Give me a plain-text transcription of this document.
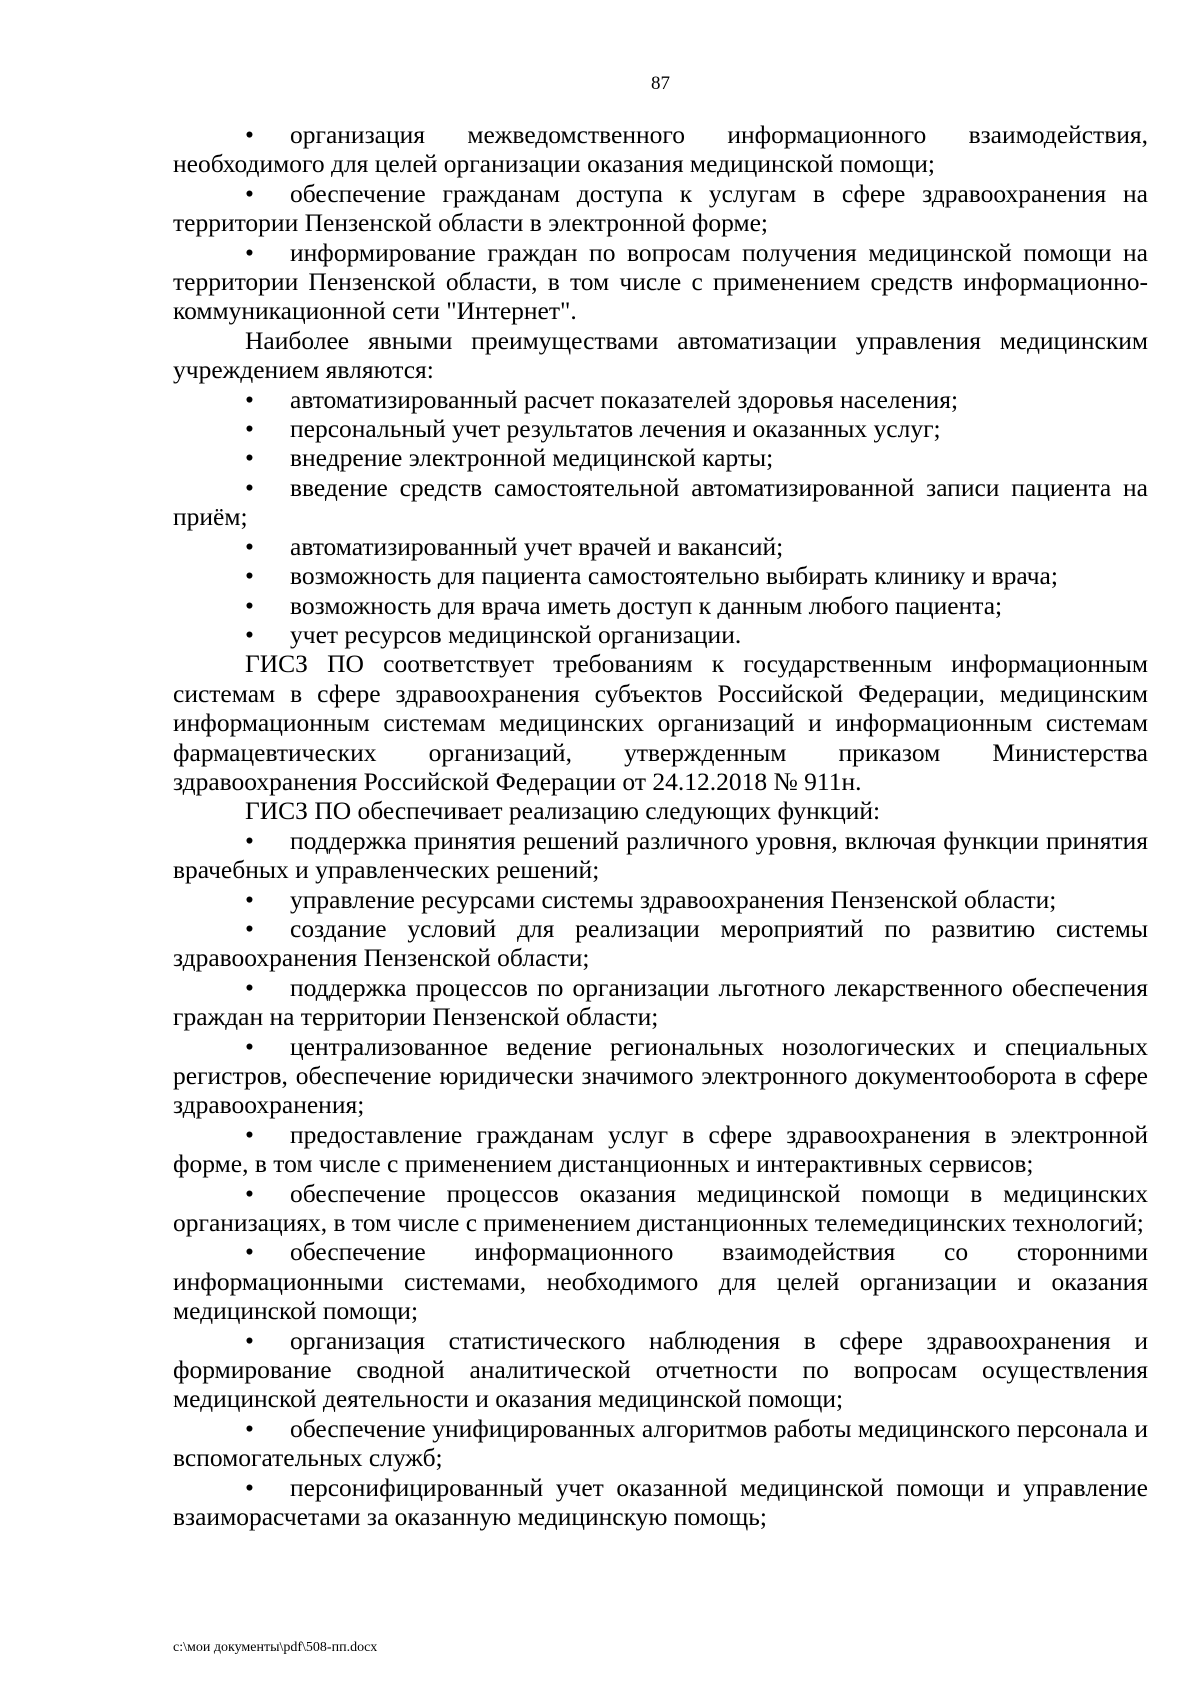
87

• организация межведомственного информационного взаимодействия, необходимого для целей организации оказания медицинской помощи;

• обеспечение гражданам доступа к услугам в сфере здравоохранения на территории Пензенской области в электронной форме;

• информирование граждан по вопросам получения медицинской помощи на территории Пензенской области, в том числе с применением средств информационно-коммуникационной сети "Интернет".

Наиболее явными преимуществами автоматизации управления медицинским учреждением являются:

• автоматизированный расчет показателей здоровья населения;

• персональный учет результатов лечения и оказанных услуг;

• внедрение электронной медицинской карты;

• введение средств самостоятельной автоматизированной записи пациента на приём;

• автоматизированный учет врачей и вакансий;

• возможность для пациента самостоятельно выбирать клинику и врача;

• возможность для врача иметь доступ к данным любого пациента;

• учет ресурсов медицинской организации.

ГИСЗ ПО соответствует требованиям к государственным информационным системам в сфере здравоохранения субъектов Российской Федерации, медицинским информационным системам медицинских организаций и информационным системам фармацевтических организаций, утвержденным приказом Министерства здравоохранения Российской Федерации от 24.12.2018 № 911н.

ГИСЗ ПО обеспечивает реализацию следующих функций:

• поддержка принятия решений различного уровня, включая функции принятия врачебных и управленческих решений;

• управление ресурсами системы здравоохранения Пензенской области;

• создание условий для реализации мероприятий по развитию системы здравоохранения Пензенской области;

• поддержка процессов по организации льготного лекарственного обеспечения граждан на территории Пензенской области;

• централизованное ведение региональных нозологических и специальных регистров, обеспечение юридически значимого электронного документооборота в сфере здравоохранения;

• предоставление гражданам услуг в сфере здравоохранения в электронной форме, в том числе с применением дистанционных и интерактивных сервисов;

• обеспечение процессов оказания медицинской помощи в медицинских организациях, в том числе с применением дистанционных телемедицинских технологий;

• обеспечение информационного взаимодействия со сторонними информационными системами, необходимого для целей организации и оказания медицинской помощи;

• организация статистического наблюдения в сфере здравоохранения и формирование сводной аналитической отчетности по вопросам осуществления медицинской деятельности и оказания медицинской помощи;

• обеспечение унифицированных алгоритмов работы медицинского персонала и вспомогательных служб;

• персонифицированный учет оказанной медицинской помощи и управление взаиморасчетами за оказанную медицинскую помощь;

c:\мои документы\pdf\508-пп.docx
